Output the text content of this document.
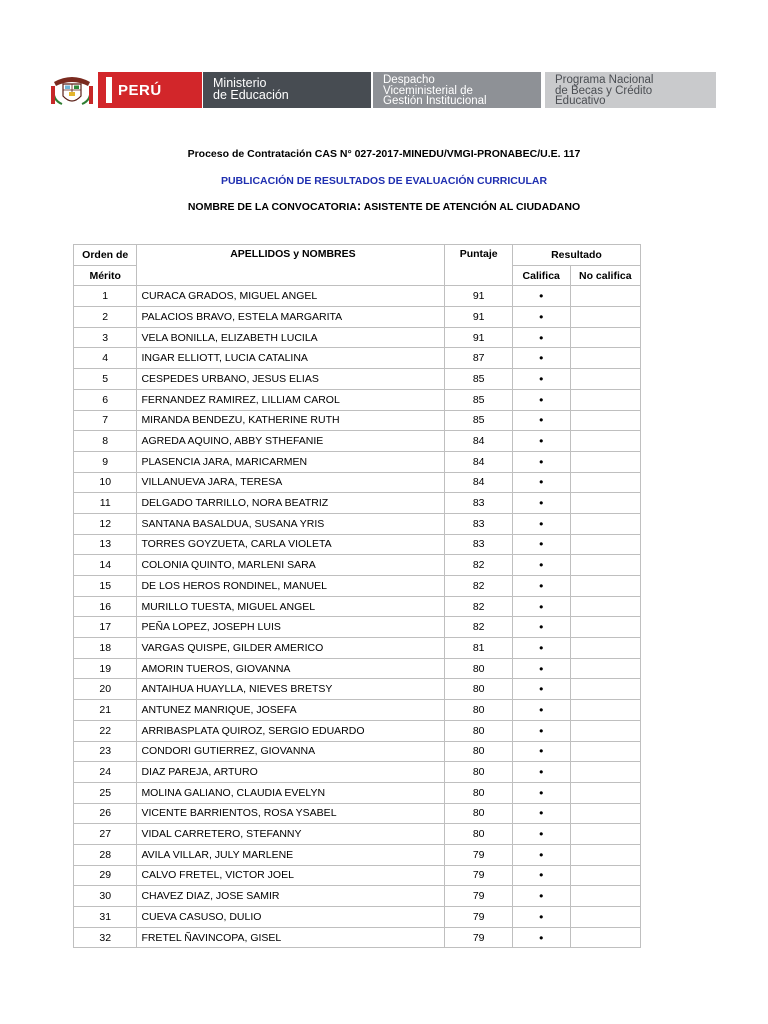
PERÚ	Ministerio
de Educación
Despacho
Viceministerial de
Gestión Institucional
Programa Nacional
de Becas y Crédito
Educativo
Proceso de Contratación CAS N° 027-2017-MINEDU/VMGI-PRONABEC/U.E. 117
PUBLICACIÓN DE RESULTADOS DE EVALUACIÓN CURRICULAR
NOMBRE DE LA CONVOCATORIA: ASISTENTE DE ATENCIÓN AL CIUDADANO
Orden de	APELLIDOS y NOMBRES	Puntaje	Resultado	
Mérito			Califica	No califica
1	CURACA GRADOS, MIGUEL ANGEL	91	•	
2	PALACIOS BRAVO, ESTELA MARGARITA	91	•	
3	VELA BONILLA, ELIZABETH LUCILA	91	•	
4	INGAR ELLIOTT, LUCIA CATALINA	87	•	
5	CESPEDES URBANO, JESUS ELIAS	85	•	
6	FERNANDEZ RAMIREZ, LILLIAM CAROL	85	•	
7	MIRANDA BENDEZU, KATHERINE RUTH	85	•	
8	AGREDA AQUINO, ABBY STHEFANIE	84	•	
9	PLASENCIA JARA, MARICARMEN	84	•	
10	VILLANUEVA JARA, TERESA	84	•	
11	DELGADO TARRILLO, NORA BEATRIZ	83	•	
12	SANTANA BASALDUA, SUSANA YRIS	83	•	
13	TORRES GOYZUETA, CARLA VIOLETA	83	•	
14	COLONIA QUINTO, MARLENI SARA	82	•	
15	DE LOS HEROS RONDINEL, MANUEL	82	•	
16	MURILLO TUESTA, MIGUEL ANGEL	82	•	
17	PEÑA LOPEZ, JOSEPH LUIS	82	•	
18	VARGAS QUISPE, GILDER AMERICO	81	•	
19	AMORIN TUEROS, GIOVANNA	80	•	
20	ANTAIHUA HUAYLLA, NIEVES BRETSY	80	•	
21	ANTUNEZ MANRIQUE, JOSEFA	80	•	
22	ARRIBASPLATA QUIROZ, SERGIO EDUARDO	80	•	
23	CONDORI GUTIERREZ, GIOVANNA	80	•	
24	DIAZ PAREJA, ARTURO	80	•	
25	MOLINA GALIANO, CLAUDIA EVELYN	80	•	
26	VICENTE BARRIENTOS, ROSA YSABEL	80	•	
27	VIDAL CARRETERO, STEFANNY	80	•	
28	AVILA VILLAR, JULY MARLENE	79	•	
29	CALVO FRETEL, VICTOR JOEL	79	•	
30	CHAVEZ DIAZ, JOSE SAMIR	79	•	
31	CUEVA CASUSO, DULIO	79	•	
32	FRETEL ÑAVINCOPA, GISEL	79	•	
